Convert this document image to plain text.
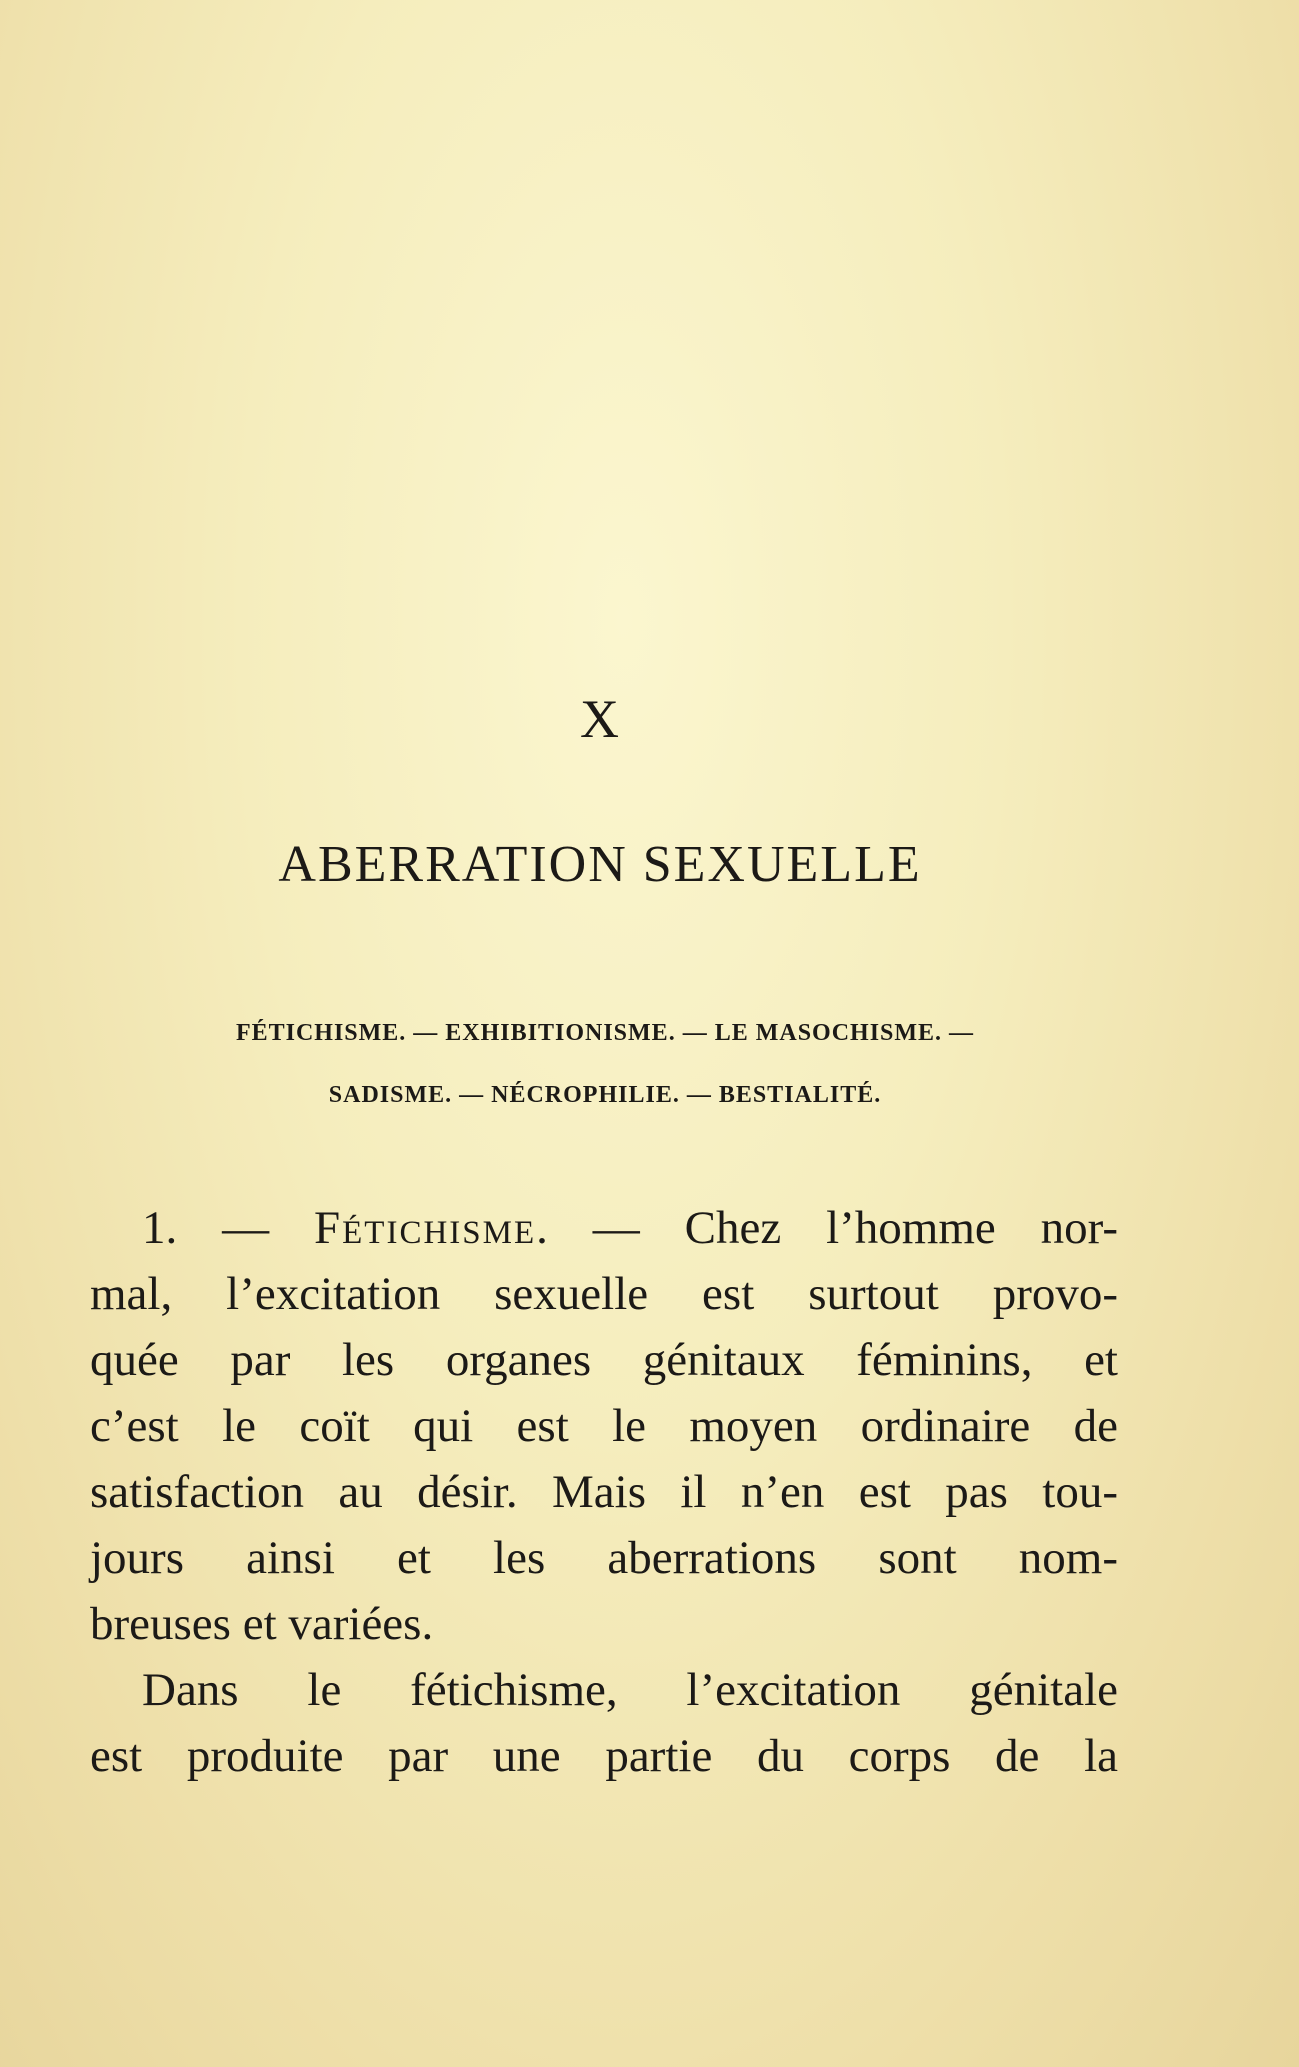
X
ABERRATION SEXUELLE
FÉTICHISME. — EXHIBITIONISME. — LE MASOCHISME. —
SADISME. — NÉCROPHILIE. — BESTIALITÉ.
1. — Fétichisme. — Chez l’homme nor-
mal, l’excitation sexuelle est surtout provo-
quée par les organes génitaux féminins, et
c’est le coït qui est le moyen ordinaire de
satisfaction au désir. Mais il n’en est pas tou-
jours ainsi et les aberrations sont nom-
breuses et variées.
Dans le fétichisme, l’excitation génitale
est produite par une partie du corps de la
